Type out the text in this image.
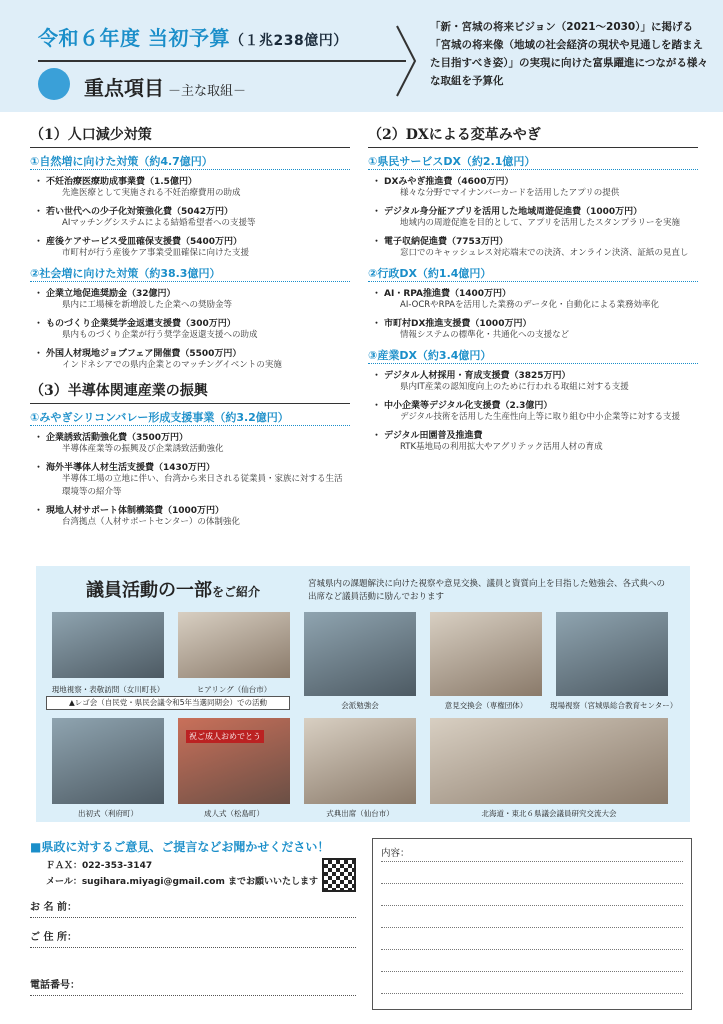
令和６年度 当初予算（１兆238億円）
重点項目 －主な取組－
「新・宮城の将来ビジョン（2021〜2030）」に掲げる「宮城の将来像（地域の社会経済の現状や見通しを踏まえた目指すべき姿）」の実現に向けた富県躍進につながる様々な取組を予算化
（1）人口減少対策
①自然増に向けた対策（約4.7億円）
・ 不妊治療医療助成事業費（1.5億円）
先進医療として実施される不妊治療費用の助成
・ 若い世代への少子化対策強化費（5042万円）
AIマッチングシステムによる結婚希望者への支援等
・ 産後ケアサービス受皿確保支援費（5400万円）
市町村が行う産後ケア事業受皿確保に向けた支援
②社会増に向けた対策（約38.3億円）
・ 企業立地促進奨励金（32億円）
県内に工場棟を新増設した企業への奨励金等
・ ものづくり企業奨学金返還支援費（300万円）
県内ものづくり企業が行う奨学金返還支援への助成
・ 外国人材現地ジョブフェア開催費（5500万円）
インドネシアでの県内企業とのマッチングイベントの実施
（3）半導体関連産業の振興
①みやぎシリコンバレー形成支援事業（約3.2億円）
・ 企業誘致活動強化費（3500万円）
半導体産業等の振興及び企業誘致活動強化
・ 海外半導体人材生活支援費（1430万円）
半導体工場の立地に伴い、台湾から来日される従業員・家族に対する生活環境等の紹介等
・ 現地人材サポート体制構築費（1000万円）
台湾拠点（人材サポートセンター）の体制強化
（2）DXによる変革みやぎ
①県民サービスDX（約2.1億円）
・ DXみやぎ推進費（4600万円）
様々な分野でマイナンバーカードを活用したアプリの提供
・ デジタル身分証アプリを活用した地域周遊促進費（1000万円）
地域内の周遊促進を目的として、アプリを活用したスタンプラリーを実施
・ 電子収納促進費（7753万円）
窓口でのキャッシュレス対応端末での決済、オンライン決済、証紙の見直し
②行政DX（約1.4億円）
・ AI・RPA推進費（1400万円）
AI-OCRやRPAを活用した業務のデータ化・自動化による業務効率化
・ 市町村DX推進支援費（1000万円）
情報システムの標準化・共通化への支援など
③産業DX（約3.4億円）
・ デジタル人材採用・育成支援費（3825万円）
県内IT産業の認知度向上のために行われる取組に対する支援
・ 中小企業等デジタル化支援費（2.3億円）
デジタル技術を活用した生産性向上等に取り組む中小企業等に対する支援
・ デジタル田園普及推進費
RTK基地局の利用拡大やアグリテック活用人材の育成
議員活動の一部をご紹介
宮城県内の課題解決に向けた視察や意見交換、議員と資質向上を目指した勉強会、各式典への出席など議員活動に励んでおります
▲レゴ会（自民党・県民会議令和5年当選同期会）での活動
祝ご成人おめでとう
現地視察・表敬訪問（女川町長）	ヒアリング（仙台市）
会派勉強会	意見交換会（専権団体）	現場視察（宮城県総合教育センター）
出初式（利府町）	成人式（松島町）	式典出席（仙台市）	北海道・東北６県議会議員研究交流大会
■県政に対するご意見、ご提言などお聞かせください！
ＦＡＸ：022-353-3147
メール：sugihara.miyagi@gmail.com までお願いいたします
お 名 前：
ご 住 所：
電話番号：
内容：
